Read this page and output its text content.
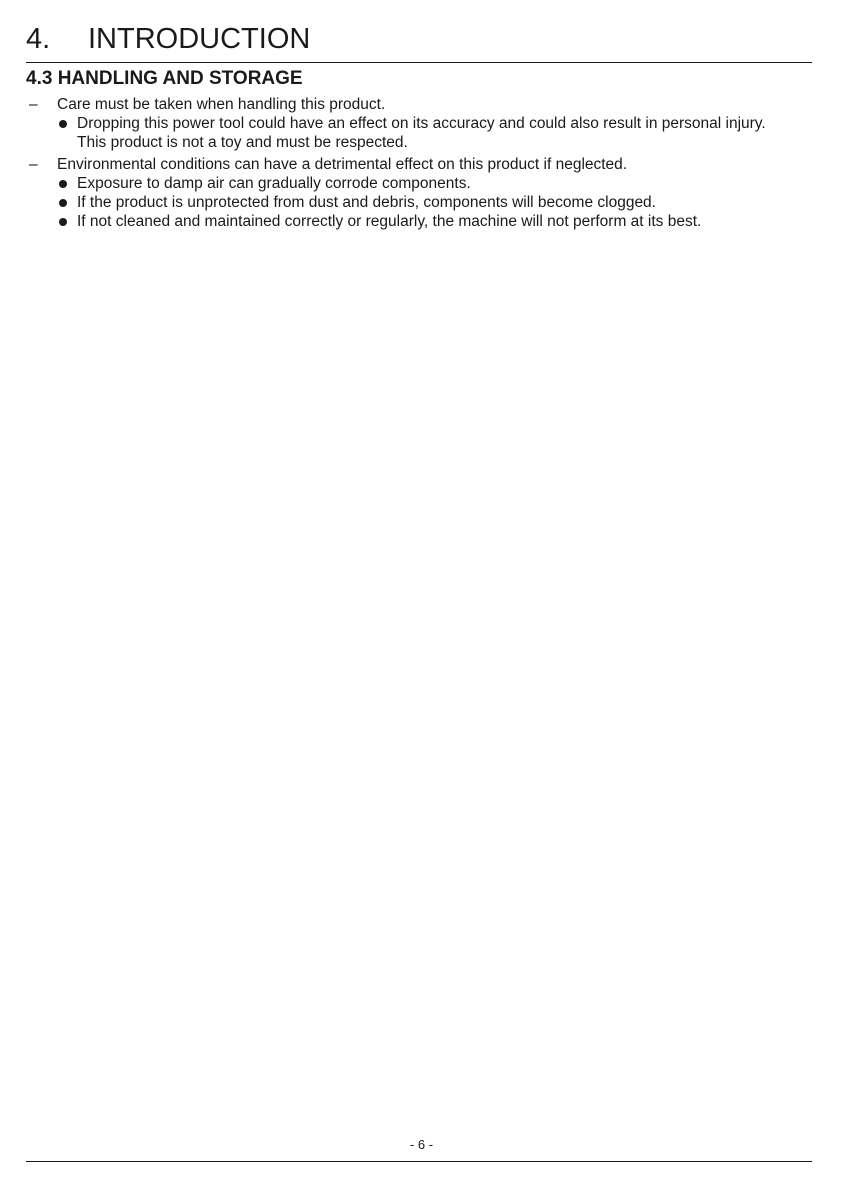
4. INTRODUCTION
4.3 HANDLING AND STORAGE
– Care must be taken when handling this product.
Dropping this power tool could have an effect on its accuracy and could also result in personal injury. This product is not a toy and must be respected.
– Environmental conditions can have a detrimental effect on this product if neglected.
Exposure to damp air can gradually corrode components.
If the product is unprotected from dust and debris, components will become clogged.
If not cleaned and maintained correctly or regularly, the machine will not perform at its best.
- 6 -
